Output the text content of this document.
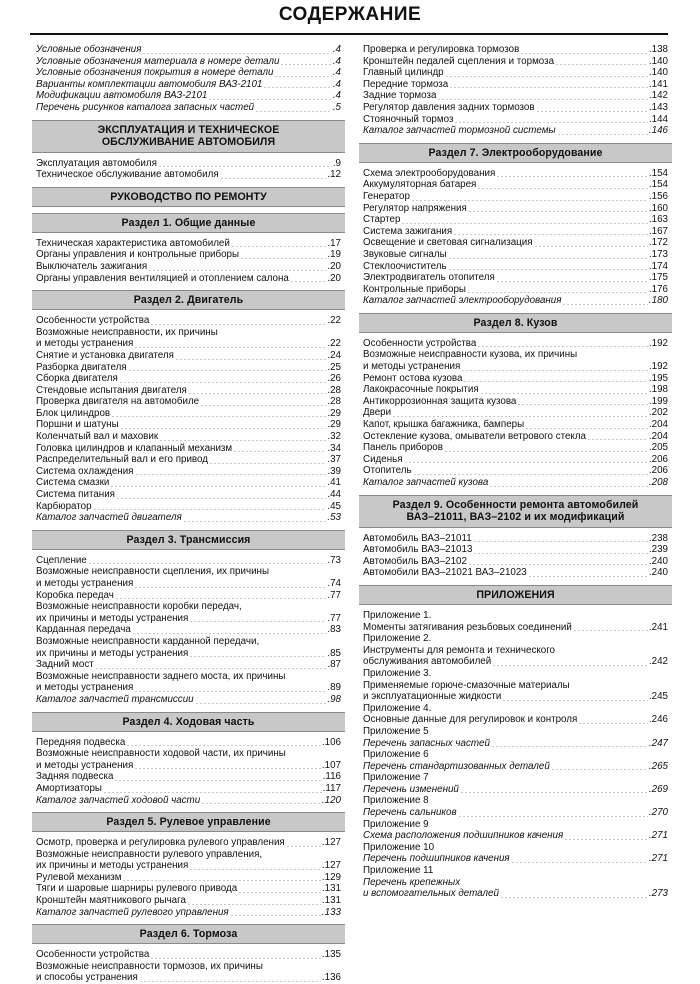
СОДЕРЖАНИЕ
Условные обозначения	.4
Условные обозначения материала в номере детали	.4
Условные обозначения покрытия в номере детали	.4
Варианты комплектации автомобиля ВАЗ-2101	.4
Модификации автомобиля ВАЗ-2101	.4
Перечень рисунков каталога запасных частей	.5
ЭКСПЛУАТАЦИЯ И ТЕХНИЧЕСКОЕ
ОБСЛУЖИВАНИЕ АВТОМОБИЛЯ
Эксплуатация автомобиля	.9
Техническое обслуживание автомобиля	.12
РУКОВОДСТВО ПО РЕМОНТУ
Раздел 1. Общие данные
Техническая характеристика автомобилей	.17
Органы управления и контрольные приборы	.19
Выключатель зажигания	.20
Органы управления вентиляцией и отоплением салона	.20
Раздел 2. Двигатель
Особенности устройства	.22
Возможные неисправности, их причины
и методы устранения	.22
Снятие и установка двигателя	.24
Разборка двигателя	.25
Сборка двигателя	.26
Стендовые испытания двигателя	.28
Проверка двигателя на автомобиле	.28
Блок цилиндров	.29
Поршни и шатуны	.29
Коленчатый вал и маховик	.32
Головка цилиндров и клапанный механизм	.34
Распределительный вал и его привод	.37
Система охлаждения	.39
Система смазки	.41
Система питания	.44
Карбюратор	.45
Каталог запчастей двигателя	.53
Раздел 3. Трансмиссия
Сцепление	.73
Возможные неисправности сцепления, их причины
и методы устранения	.74
Коробка передач	.77
Возможные неисправности коробки передач,
их причины и методы устранения	.77
Карданная передача	.83
Возможные неисправности карданной передачи,
их причины и методы устранения	.85
Задний мост	.87
Возможные неисправности заднего моста, их причины
и методы устранения	.89
Каталог запчастей трансмиссии	.98
Раздел 4. Ходовая часть
Передняя подвеска	.106
Возможные неисправности ходовой части, их причины
и методы устранения	.107
Задняя подвеска	.116
Амортизаторы	.117
Каталог запчастей ходовой части	.120
Раздел 5. Рулевое управление
Осмотр, проверка и регулировка рулевого управления	.127
Возможные неисправности рулевого управления,
их причины и методы устранения	.127
Рулевой механизм	.129
Тяги и шаровые шарниры рулевого привода	.131
Кронштейн маятникового рычага	.131
Каталог запчастей рулевого управления	.133
Раздел 6. Тормоза
Особенности устройства	.135
Возможные неисправности тормозов, их причины
и способы устранения	.136
Проверка и регулировка тормозов	.138
Кронштейн педалей сцепления и тормоза	.140
Главный цилиндр	.140
Передние тормоза	.141
Задние тормоза	.142
Регулятор давления задних тормозов	.143
Стояночный тормоз	.144
Каталог запчастей тормозной системы	.146
Раздел 7. Электрооборудование
Схема электрооборудования	.154
Аккумуляторная батарея	.154
Генератор	.156
Регулятор напряжения	.160
Стартер	.163
Система зажигания	.167
Освещение и световая сигнализация	.172
Звуковые сигналы	.173
Стеклоочиститель	.174
Электродвигатель отопителя	.175
Контрольные приборы	.176
Каталог запчастей электрооборудования	.180
Раздел 8. Кузов
Особенности устройства	.192
Возможные неисправности кузова, их причины
и методы устранения	.192
Ремонт остова кузова	.195
Лакокрасочные покрытия	.198
Антикоррозионная защита кузова	.199
Двери	.202
Капот, крышка багажника, бамперы	.204
Остекление кузова, омыватели ветрового стекла	.204
Панель приборов	.205
Сиденья	.206
Отопитель	.206
Каталог запчастей кузова	.208
Раздел 9. Особенности ремонта автомобилей
ВАЗ–21011, ВАЗ–2102 и их модификаций
Автомобиль ВАЗ–21011	.238
Автомобиль ВАЗ–21013	.239
Автомобиль ВАЗ–2102	.240
Автомобили ВАЗ–21021 ВАЗ–21023	.240
ПРИЛОЖЕНИЯ
Приложение 1.
Моменты затягивания резьбовых соединений	.241
Приложение 2.
Инструменты для ремонта и технического
обслуживания автомобилей	.242
Приложение 3.
Применяемые горюче-смазочные материалы
и эксплуатационные жидкости	.245
Приложение 4.
Основные данные для регулировок и контроля	.246
Приложение 5
Перечень запасных частей	.247
Приложение 6
Перечень стандартизованных деталей	.265
Приложение 7
Перечень изменений	.269
Приложение 8
Перечень сальников	.270
Приложение 9
Схема расположения подшипников качения	.271
Приложение 10
Перечень подшипников качения	.271
Приложение 11
Перечень крепежных
и вспомогательных деталей	.273
